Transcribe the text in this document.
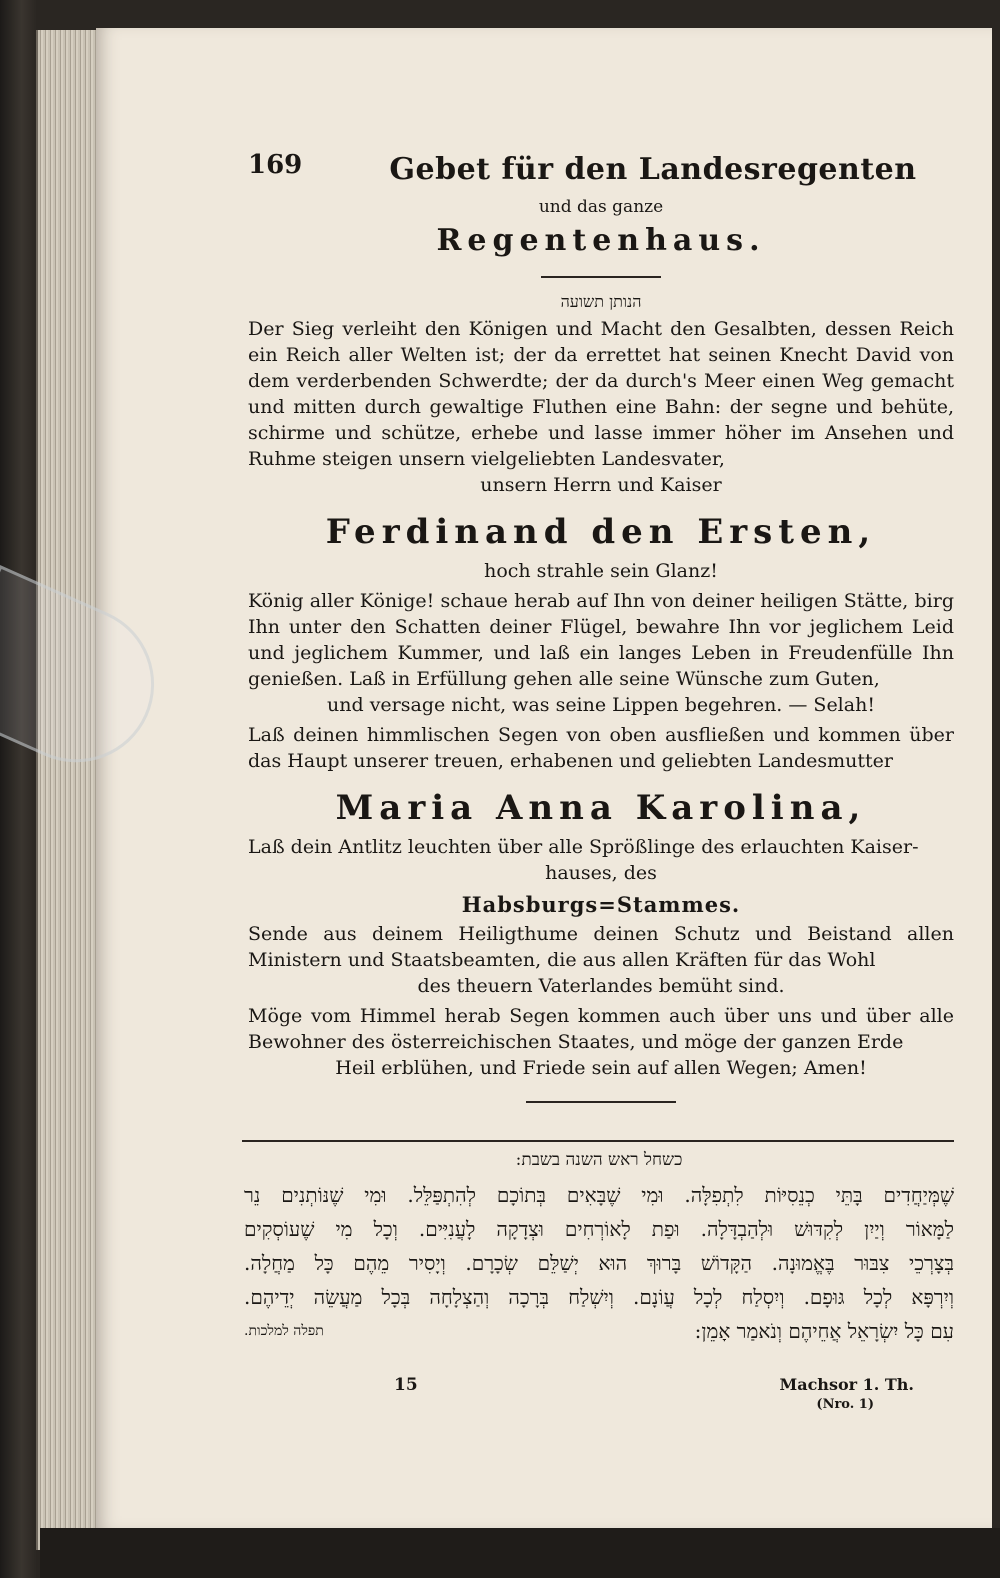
169	Gebet für den Landesregenten
und das ganze
Regentenhaus.
הנותן תשועה
Der Sieg verleiht den Königen und Macht den Gesalbten, dessen Reich ein Reich aller Welten ist; der da errettet hat seinen Knecht David von dem verderbenden Schwerdte; der da durch's Meer einen Weg gemacht und mitten durch gewaltige Fluthen eine Bahn: der segne und behüte, schirme und schütze, erhebe und lasse immer höher im Ansehen und Ruhme steigen unsern vielgeliebten Landesvater,
unsern Herrn und Kaiser
Ferdinand den Ersten,
hoch strahle sein Glanz!
König aller Könige! schaue herab auf Ihn von deiner heiligen Stätte, birg Ihn unter den Schatten deiner Flügel, bewahre Ihn vor jeglichem Leid und jeglichem Kummer, und laß ein langes Leben in Freudenfülle Ihn genießen. Laß in Erfüllung gehen alle seine Wünsche zum Guten,
und versage nicht, was seine Lippen begehren. — Selah!
Laß deinen himmlischen Segen von oben ausfließen und kommen über das Haupt unserer treuen, erhabenen und geliebten Landesmutter
Maria Anna Karolina,
Laß dein Antlitz leuchten über alle Sprößlinge des erlauchten Kaiser-
hauses, des
Habsburgs=Stammes.
Sende aus deinem Heiligthume deinen Schutz und Beistand allen Ministern und Staatsbeamten, die aus allen Kräften für das Wohl
des theuern Vaterlandes bemüht sind.
Möge vom Himmel herab Segen kommen auch über uns und über alle Bewohner des österreichischen Staates, und möge der ganzen Erde
Heil erblühen, und Friede sein auf allen Wegen; Amen!
כשחל ראש השנה בשבת:
שֶׁמְּיַחֲדִים בָּתֵּי כְנֵסִיּוֹת לִתְפִלָּה. וּמִי שֶׁבָּאִים בְּתוֹכָם לְהִתְפַּלֵּל. וּמִי שֶׁנּוֹתְנִים נֵר
לַמָּאוֹר וְיַיִן לְקִדּוּשׁ וּלְהַבְדָּלָה. וּפַת לָאוֹרְחִים וּצְדָקָה לָעֲנִיִּים. וְכָל מִי שֶׁעוֹסְקִים
בְּצָרְכֵי צִבּוּר בֶּאֱמוּנָה. הַקָּדוֹשׁ בָּרוּךְ הוּא יְשַׁלֵּם שְׂכָרָם. וְיָסִיר מֵהֶם כָּל מַחֲלָה.
וְיִרְפָּא לְכָל גּוּפָם. וְיִסְלַח לְכָל עֲוֹנָם. וְיִשְׁלַח בְּרָכָה וְהַצְלָחָה בְּכָל מַעֲשֵׂה יְדֵיהֶם.
עִם כָּל יִשְׂרָאֵל אֲחֵיהֶם וְנֹאמַר אָמֵן:
תפלה למלכות.
15	Machsor 1. Th.
(Nro. 1)
